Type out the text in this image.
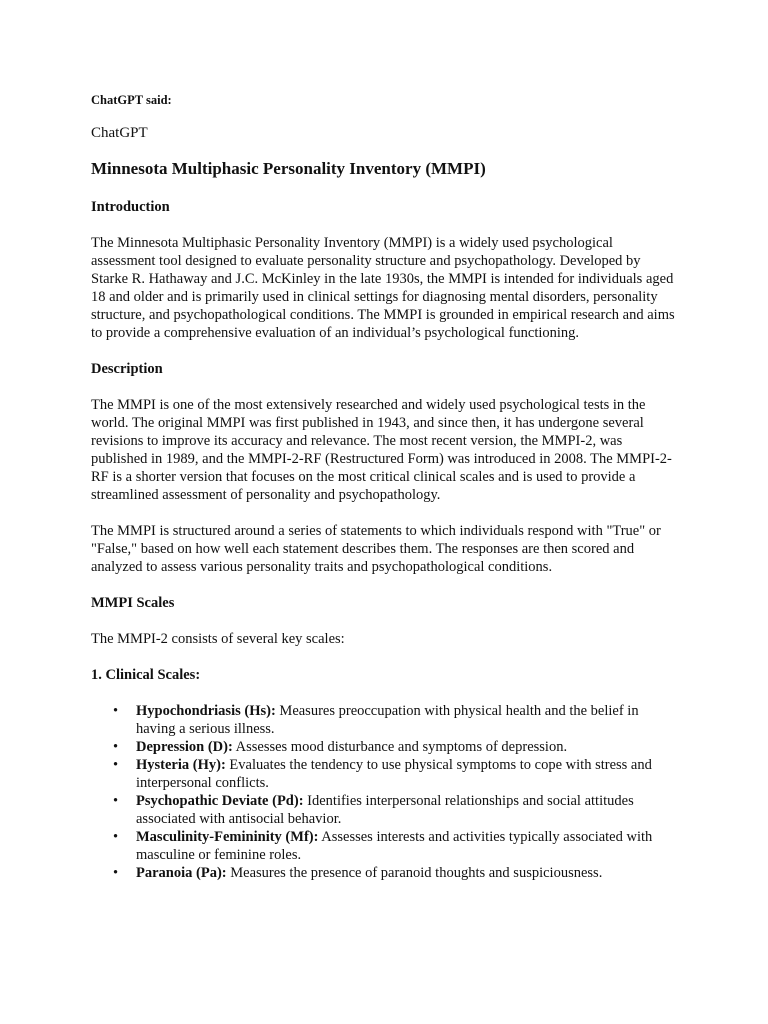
ChatGPT said:

ChatGPT

Minnesota Multiphasic Personality Inventory (MMPI)
Introduction

The Minnesota Multiphasic Personality Inventory (MMPI) is a widely used psychological assessment tool designed to evaluate personality structure and psychopathology. Developed by Starke R. Hathaway and J.C. McKinley in the late 1930s, the MMPI is intended for individuals aged 18 and older and is primarily used in clinical settings for diagnosing mental disorders, personality structure, and psychopathological conditions. The MMPI is grounded in empirical research and aims to provide a comprehensive evaluation of an individual’s psychological functioning.

Description

The MMPI is one of the most extensively researched and widely used psychological tests in the world. The original MMPI was first published in 1943, and since then, it has undergone several revisions to improve its accuracy and relevance. The most recent version, the MMPI-2, was published in 1989, and the MMPI-2-RF (Restructured Form) was introduced in 2008. The MMPI-2-RF is a shorter version that focuses on the most critical clinical scales and is used to provide a streamlined assessment of personality and psychopathology.

The MMPI is structured around a series of statements to which individuals respond with "True" or "False," based on how well each statement describes them. The responses are then scored and analyzed to assess various personality traits and psychopathological conditions.

MMPI Scales

The MMPI-2 consists of several key scales:

1. Clinical Scales:
• Hypochondriasis (Hs): Measures preoccupation with physical health and the belief in having a serious illness.
• Depression (D): Assesses mood disturbance and symptoms of depression.
• Hysteria (Hy): Evaluates the tendency to use physical symptoms to cope with stress and interpersonal conflicts.
• Psychopathic Deviate (Pd): Identifies interpersonal relationships and social attitudes associated with antisocial behavior.
• Masculinity-Femininity (Mf): Assesses interests and activities typically associated with masculine or feminine roles.
• Paranoia (Pa): Measures the presence of paranoid thoughts and suspiciousness.
